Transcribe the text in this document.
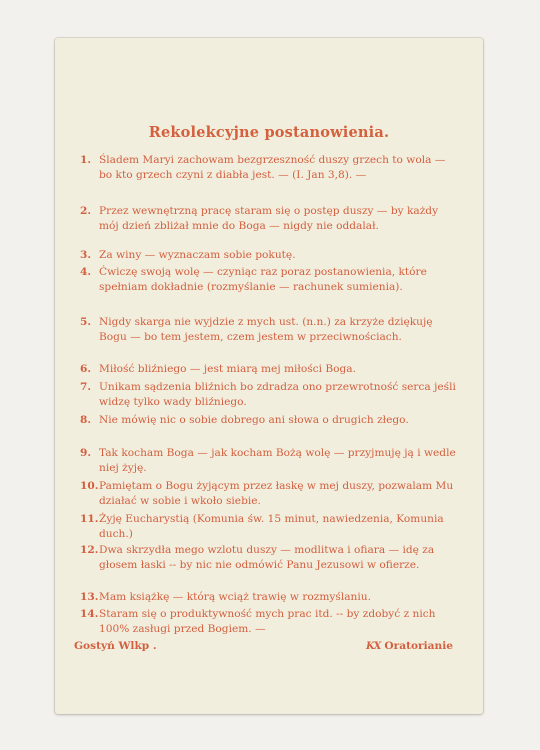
Rekolekcyjne postanowienia.
1. Śladem Maryi zachowam bezgrzeszność duszy grzech to wola — bo kto grzech czyni z diabła jest. — (I. Jan 3,8). —
2. Przez wewnętrzną pracę staram się o postęp duszy — by każdy mój dzień zbliżał mnie do Boga — nigdy nie oddalał.
3. Za winy — wyznaczam sobie pokutę.
4. Ćwiczę swoją wolę — czyniąc raz poraz postanowienia, które spełniam dokładnie (rozmyślanie — rachunek sumienia).
5. Nigdy skarga nie wyjdzie z mych ust. (n.n.) za krzyże dziękuję Bogu — bo tem jestem, czem jestem w przeciwnościach.
6. Miłość bliźniego — jest miarą mej miłości Boga.
7. Unikam sądzenia bliźnich bo zdradza ono przewrotność serca jeśli widzę tylko wady bliźniego.
8. Nie mówię nic o sobie dobrego ani słowa o drugich złego.
9. Tak kocham Boga — jak kocham Bożą wolę — przyjmuję ją i wedle niej żyję.
10. Pamiętam o Bogu żyjącym przez łaskę w mej duszy, pozwalam Mu działać w sobie i wkoło siebie.
11. Żyję Eucharystią (Komunia św. 15 minut, nawiedzenia, Komunia duch.)
12. Dwa skrzydła mego wzlotu duszy — modlitwa i ofiara — idę za głosem łaski -- by nic nie odmówić Panu Jezusowi w ofierze.
13. Mam książkę — którą wciąż trawię w rozmyślaniu.
14. Staram się o produktywność mych prac itd. -- by zdobyć z nich 100% zasługi przed Bogiem. —
Gostyń Wlkp .	KX Oratorianie
